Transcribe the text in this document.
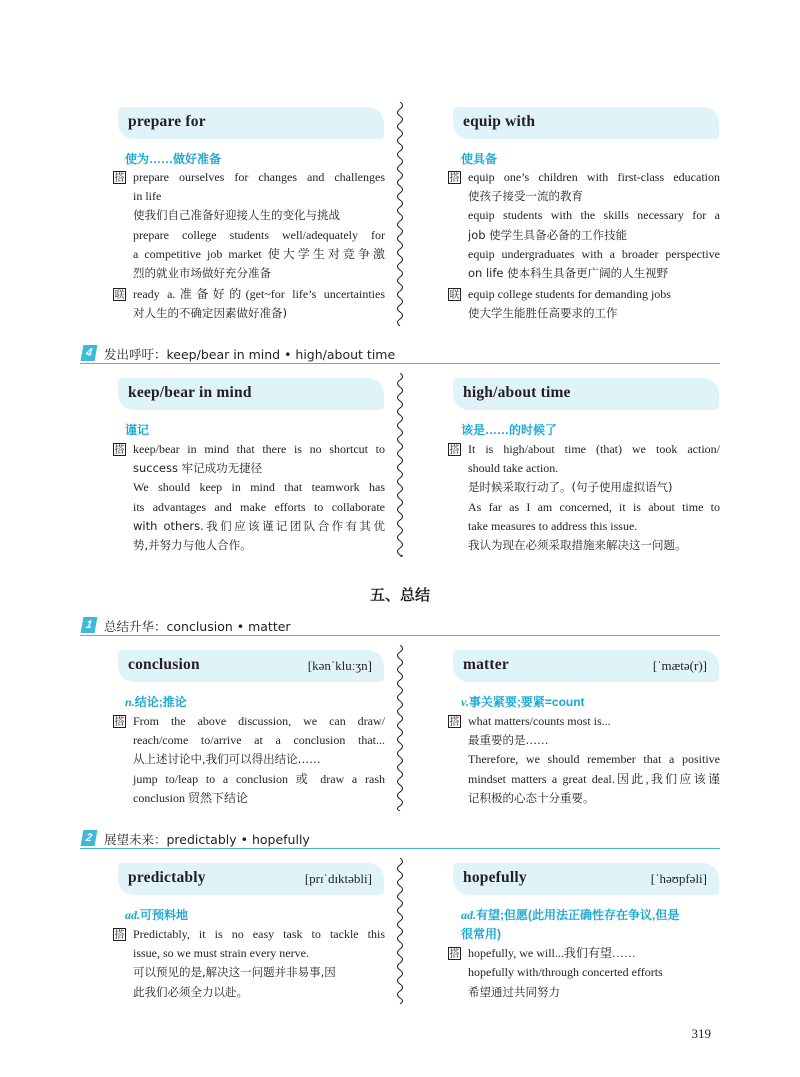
prepare for
使为……做好准备
搭 prepare ourselves for changes and challenges
in life
使我们自己准备好迎接人生的变化与挑战
prepare college students well/adequately for
a competitive job market 使大学生对竞争激
烈的就业市场做好充分准备
联 ready a.准备好的(get~for life’s uncertainties
对人生的不确定因素做好准备)
equip with
使具备
搭 equip one’s children with first-class education
使孩子接受一流的教育
equip students with the skills necessary for a
job 使学生具备必备的工作技能
equip undergraduates with a broader perspective
on life 使本科生具备更广阔的人生视野
联 equip college students for demanding jobs
使大学生能胜任高要求的工作
4 发出呼吁：keep/bear in mind • high/about time
keep/bear in mind
谨记
搭 keep/bear in mind that there is no shortcut to
success 牢记成功无捷径
We should keep in mind that teamwork has
its advantages and make efforts to collaborate
with others.我们应该谨记团队合作有其优
势,并努力与他人合作。
high/about time
该是……的时候了
搭 It is high/about time (that) we took action/
should take action.
是时候采取行动了。(句子使用虚拟语气)
As far as I am concerned, it is about time to
take measures to address this issue.
我认为现在必须采取措施来解决这一问题。
五、总结
1 总结升华：conclusion • matter
conclusion	[kənˈkluːʒn]
n.结论;推论
搭 From the above discussion, we can draw/
reach/come to/arrive at a conclusion that...
从上述讨论中,我们可以得出结论……
jump to/leap to a conclusion 或 draw a rash
conclusion 贸然下结论
matter	[ˈmætə(r)]
v.事关紧要;要紧=count
搭 what matters/counts most is...
最重要的是……
Therefore, we should remember that a positive
mindset matters a great deal.因此,我们应该谨
记积极的心态十分重要。
2 展望未来：predictably • hopefully
predictably	[prɪˈdɪktəbli]
ad.可预料地
搭 Predictably, it is no easy task to tackle this
issue, so we must strain every nerve.
可以预见的是,解决这一问题并非易事,因
此我们必须全力以赴。
hopefully	[ˈhəʊpfəli]
ad.有望;但愿(此用法正确性存在争议,但是
很常用)
搭 hopefully, we will...我们有望……
hopefully with/through concerted efforts
希望通过共同努力
319
